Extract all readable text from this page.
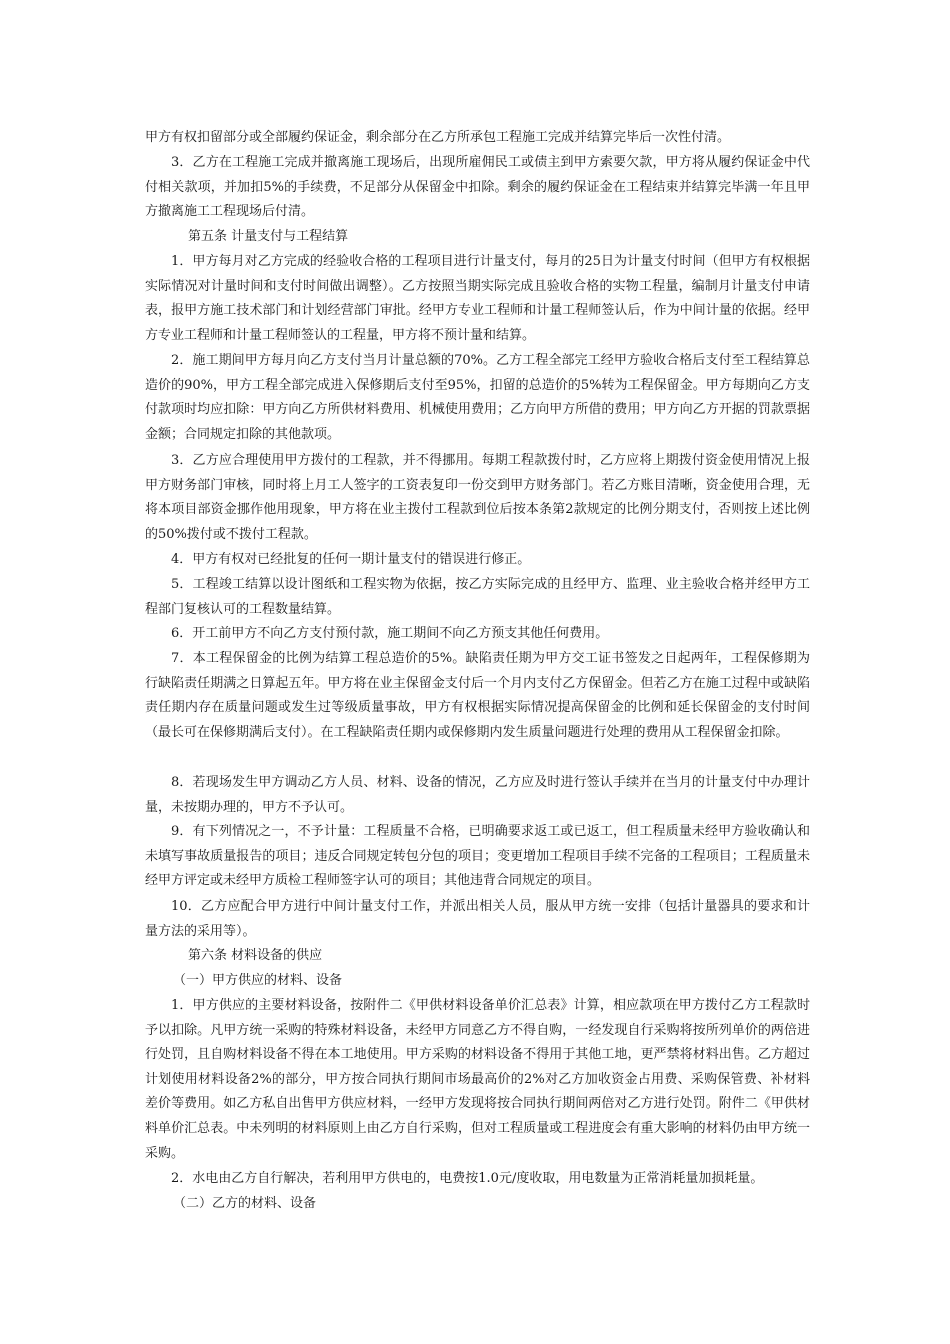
甲方有权扣留部分或全部履约保证金，剩余部分在乙方所承包工程施工完成并结算完毕后一次性付清。

3．乙方在工程施工完成并撤离施工现场后，出现所雇佣民工或债主到甲方索要欠款，甲方将从履约保证金中代付相关款项，并加扣5%的手续费，不足部分从保留金中扣除。剩余的履约保证金在工程结束并结算完毕满一年且甲方撤离施工工程现场后付清。

第五条 计量支付与工程结算

1．甲方每月对乙方完成的经验收合格的工程项目进行计量支付，每月的25日为计量支付时间（但甲方有权根据实际情况对计量时间和支付时间做出调整）。乙方按照当期实际完成且验收合格的实物工程量，编制月计量支付申请表，报甲方施工技术部门和计划经营部门审批。经甲方专业工程师和计量工程师签认后，作为中间计量的依据。经甲方专业工程师和计量工程师签认的工程量，甲方将不预计量和结算。

2．施工期间甲方每月向乙方支付当月计量总额的70%。乙方工程全部完工经甲方验收合格后支付至工程结算总造价的90%，甲方工程全部完成进入保修期后支付至95%，扣留的总造价的5%转为工程保留金。甲方每期向乙方支付款项时均应扣除：甲方向乙方所供材料费用、机械使用费用；乙方向甲方所借的费用；甲方向乙方开据的罚款票据金额；合同规定扣除的其他款项。

3．乙方应合理使用甲方拨付的工程款，并不得挪用。每期工程款拨付时，乙方应将上期拨付资金使用情况上报甲方财务部门审核，同时将上月工人签字的工资表复印一份交到甲方财务部门。若乙方账目清晰，资金使用合理，无将本项目部资金挪作他用现象，甲方将在业主拨付工程款到位后按本条第2款规定的比例分期支付，否则按上述比例的50%拨付或不拨付工程款。

4．甲方有权对已经批复的任何一期计量支付的错误进行修正。

5．工程竣工结算以设计图纸和工程实物为依据，按乙方实际完成的且经甲方、监理、业主验收合格并经甲方工程部门复核认可的工程数量结算。

6．开工前甲方不向乙方支付预付款，施工期间不向乙方预支其他任何费用。

7．本工程保留金的比例为结算工程总造价的5%。缺陷责任期为甲方交工证书签发之日起两年，工程保修期为行缺陷责任期满之日算起五年。甲方将在业主保留金支付后一个月内支付乙方保留金。但若乙方在施工过程中或缺陷责任期内存在质量问题或发生过等级质量事故，甲方有权根据实际情况提高保留金的比例和延长保留金的支付时间（最长可在保修期满后支付）。在工程缺陷责任期内或保修期内发生质量问题进行处理的费用从工程保留金扣除。

8．若现场发生甲方调动乙方人员、材料、设备的情况，乙方应及时进行签认手续并在当月的计量支付中办理计量，未按期办理的，甲方不予认可。

9．有下列情况之一，不予计量：工程质量不合格，已明确要求返工或已返工，但工程质量未经甲方验收确认和未填写事故质量报告的项目；违反合同规定转包分包的项目；变更增加工程项目手续不完备的工程项目；工程质量未经甲方评定或未经甲方质检工程师签字认可的项目；其他违背合同规定的项目。

10．乙方应配合甲方进行中间计量支付工作，并派出相关人员，服从甲方统一安排（包括计量器具的要求和计量方法的采用等）。

第六条 材料设备的供应

（一）甲方供应的材料、设备

1．甲方供应的主要材料设备，按附件二《甲供材料设备单价汇总表》计算，相应款项在甲方拨付乙方工程款时予以扣除。凡甲方统一采购的特殊材料设备，未经甲方同意乙方不得自购，一经发现自行采购将按所列单价的两倍进行处罚，且自购材料设备不得在本工地使用。甲方采购的材料设备不得用于其他工地，更严禁将材料出售。乙方超过计划使用材料设备2%的部分，甲方按合同执行期间市场最高价的2%对乙方加收资金占用费、采购保管费、补材料差价等费用。如乙方私自出售甲方供应材料，一经甲方发现将按合同执行期间两倍对乙方进行处罚。附件二《甲供材料单价汇总表。中未列明的材料原则上由乙方自行采购，但对工程质量或工程进度会有重大影响的材料仍由甲方统一采购。

2．水电由乙方自行解决，若利用甲方供电的，电费按1.0元/度收取，用电数量为正常消耗量加损耗量。

（二）乙方的材料、设备
